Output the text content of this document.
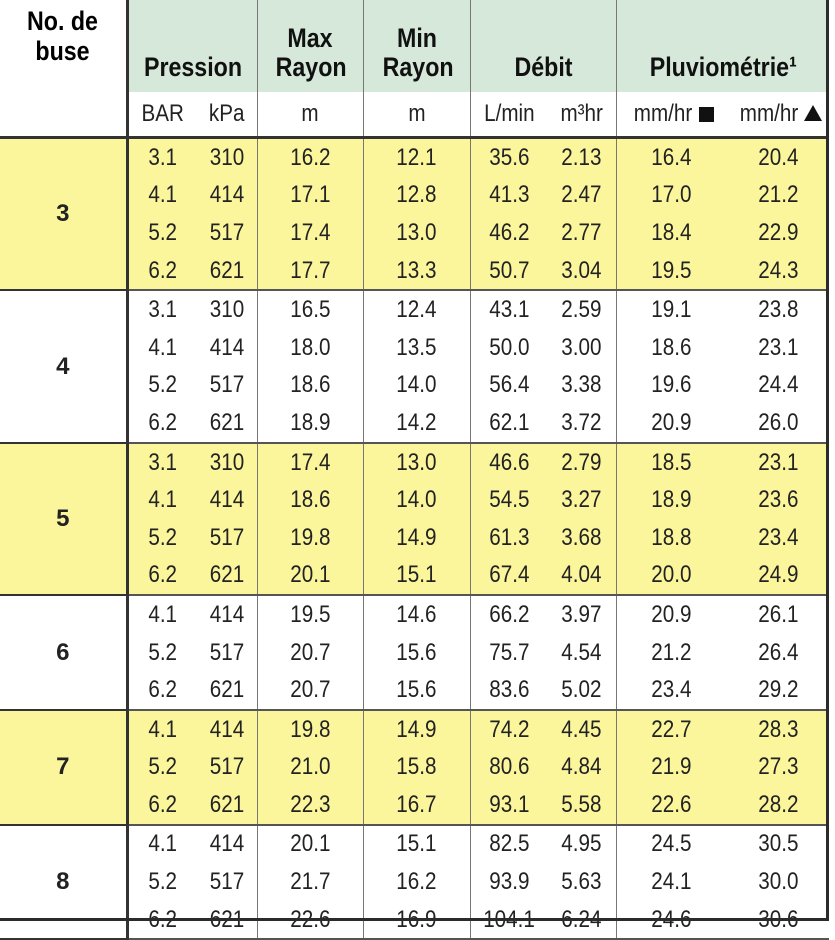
No. de buse	Pression		Max Rayon	Min Rayon	Débit		Pluviométrie¹	

	BAR	kPa	m	m	L/min	m³hr	mm/hr	mm/hr
3	3.1	310	16.2	12.1	35.6	2.13	16.4	20.4
	4.1	414	17.1	12.8	41.3	2.47	17.0	21.2
	5.2	517	17.4	13.0	46.2	2.77	18.4	22.9
	6.2	621	17.7	13.3	50.7	3.04	19.5	24.3
4	3.1	310	16.5	12.4	43.1	2.59	19.1	23.8
	4.1	414	18.0	13.5	50.0	3.00	18.6	23.1
	5.2	517	18.6	14.0	56.4	3.38	19.6	24.4
	6.2	621	18.9	14.2	62.1	3.72	20.9	26.0
5	3.1	310	17.4	13.0	46.6	2.79	18.5	23.1
	4.1	414	18.6	14.0	54.5	3.27	18.9	23.6
	5.2	517	19.8	14.9	61.3	3.68	18.8	23.4
	6.2	621	20.1	15.1	67.4	4.04	20.0	24.9
6	4.1	414	19.5	14.6	66.2	3.97	20.9	26.1
	5.2	517	20.7	15.6	75.7	4.54	21.2	26.4
	6.2	621	20.7	15.6	83.6	5.02	23.4	29.2
7	4.1	414	19.8	14.9	74.2	4.45	22.7	28.3
	5.2	517	21.0	15.8	80.6	4.84	21.9	27.3
	6.2	621	22.3	16.7	93.1	5.58	22.6	28.2
8	4.1	414	20.1	15.1	82.5	4.95	24.5	30.5
	5.2	517	21.7	16.2	93.9	5.63	24.1	30.0
	6.2	621	22.6	16.9	104.1	6.24	24.6	30.6
